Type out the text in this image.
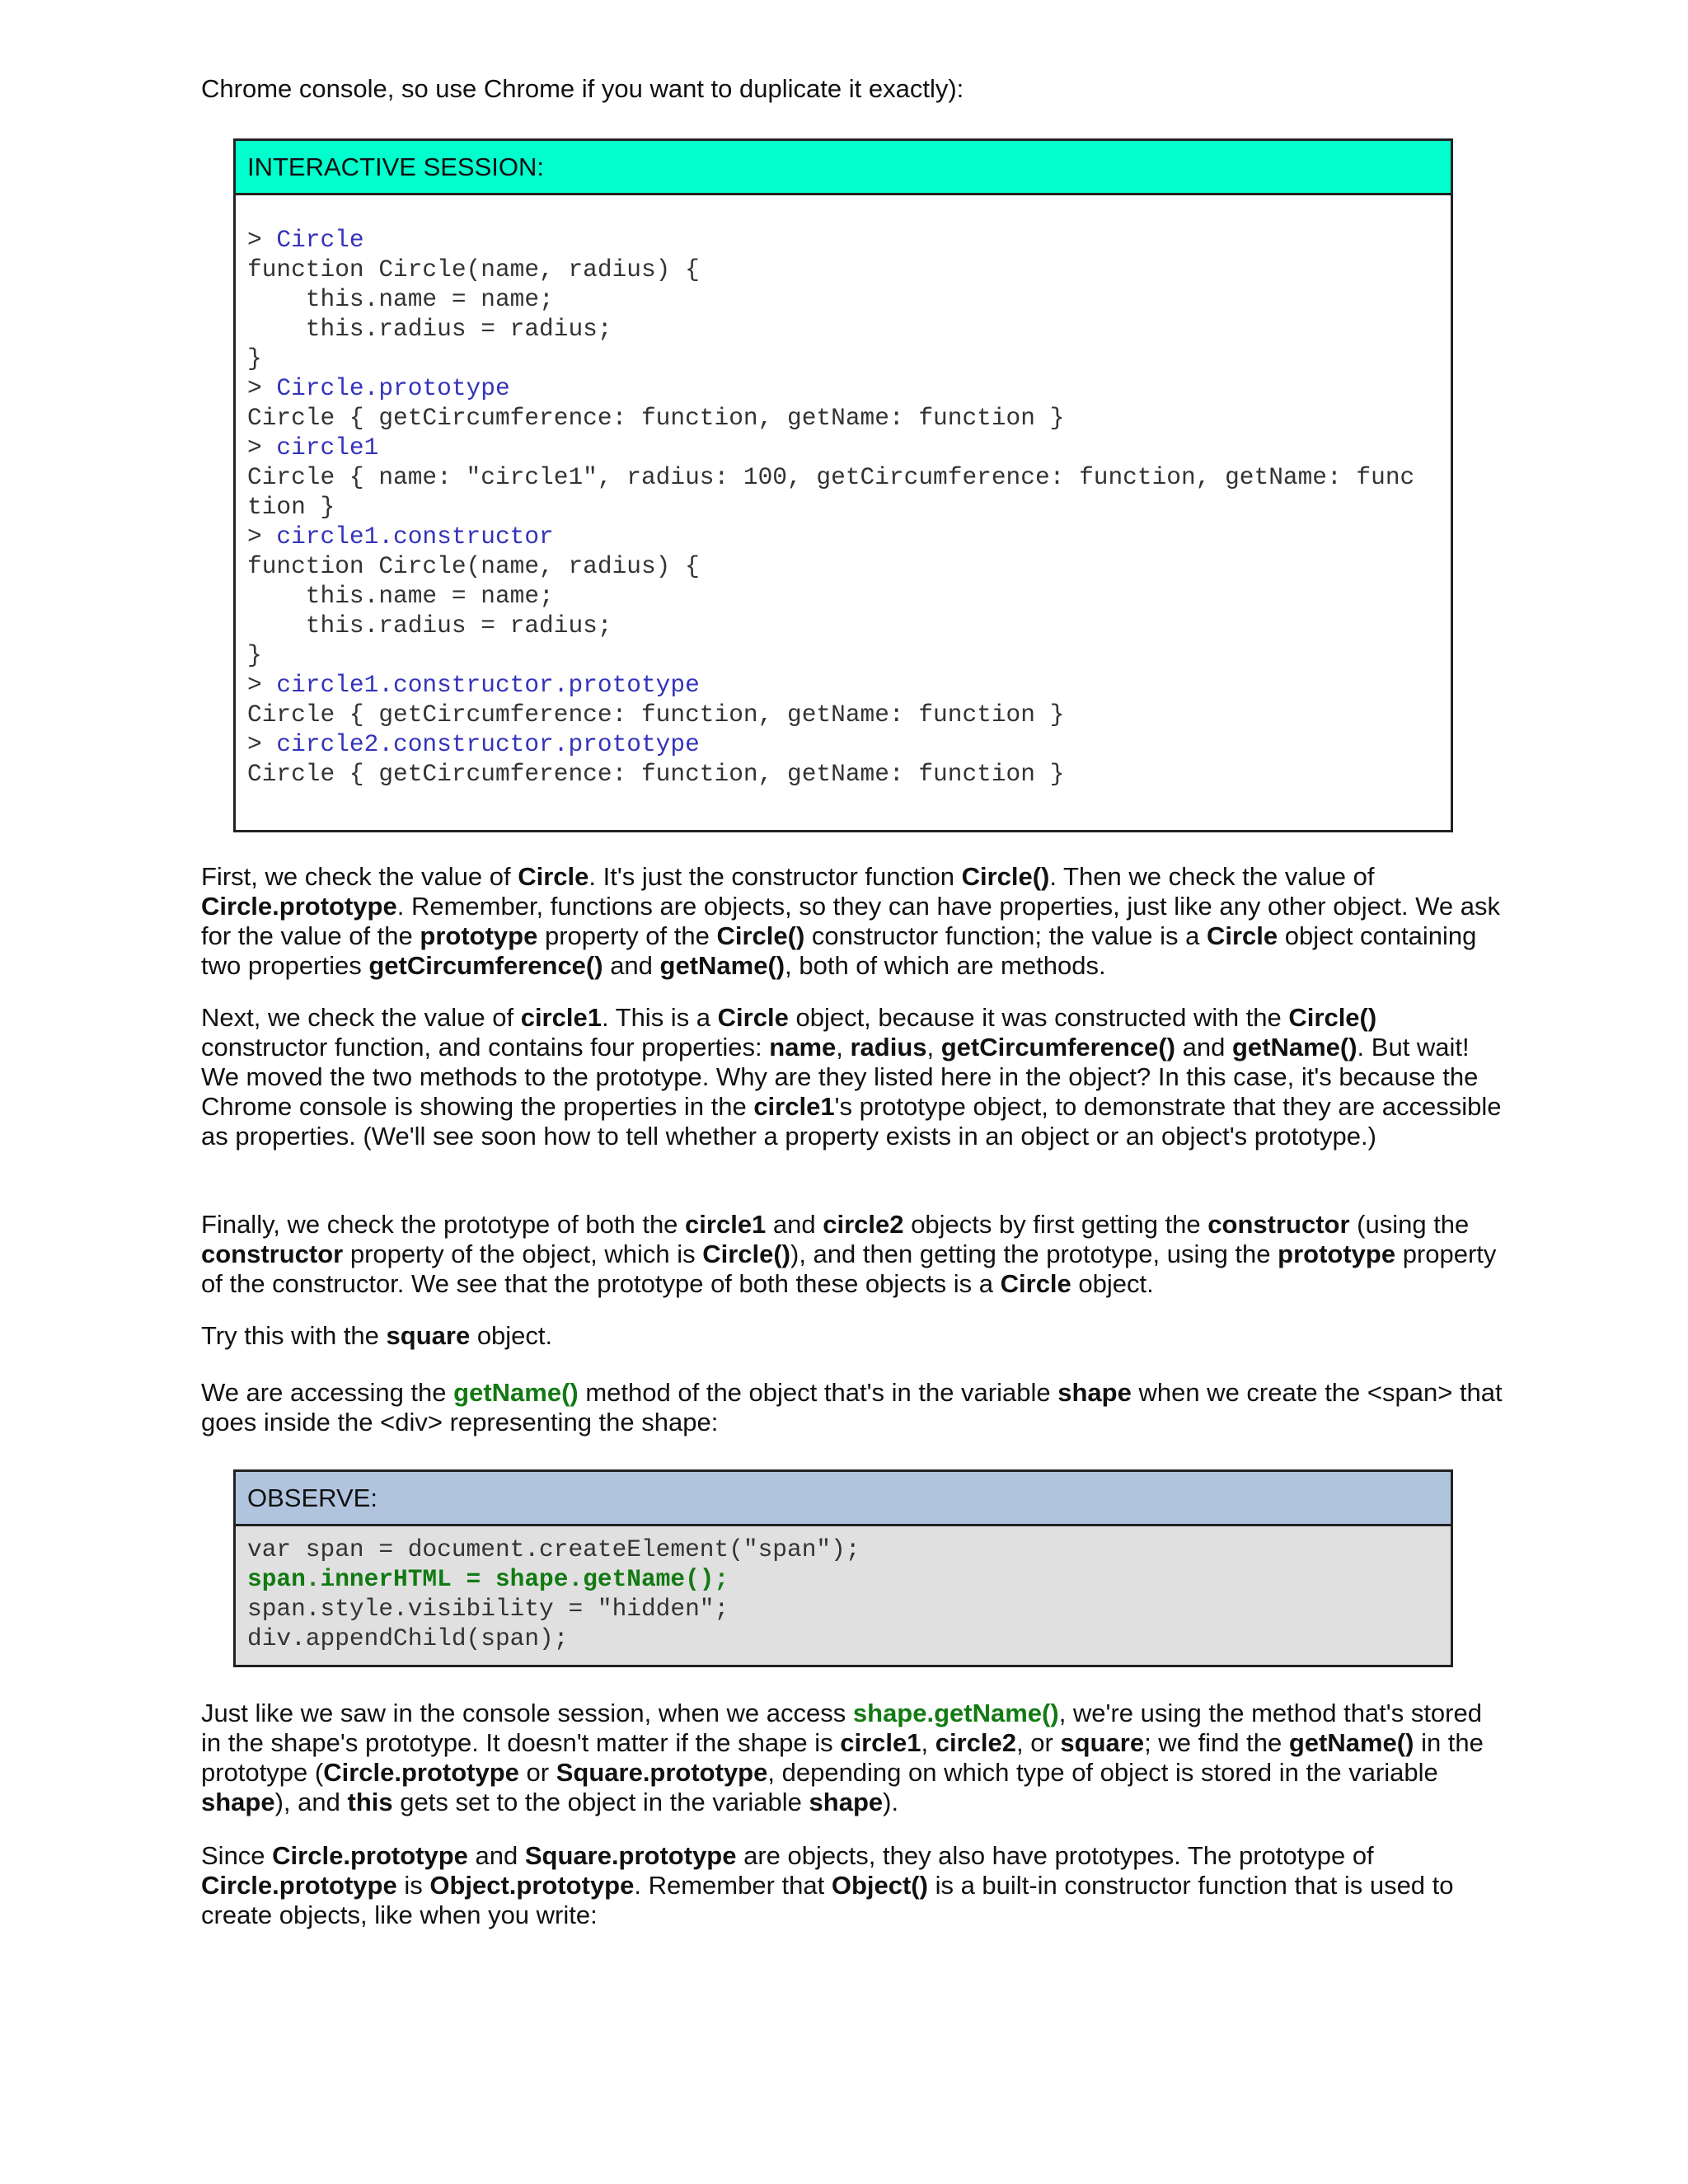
Chrome console, so use Chrome if you want to duplicate it exactly):

INTERACTIVE SESSION:
> Circle
function Circle(name, radius) {
this.name = name;
this.radius = radius;
}
> Circle.prototype
Circle { getCircumference: function, getName: function }
> circle1
Circle { name: "circle1", radius: 100, getCircumference: function, getName: func
tion }
> circle1.constructor
function Circle(name, radius) {
this.name = name;
this.radius = radius;
}
> circle1.constructor.prototype
Circle { getCircumference: function, getName: function }
> circle2.constructor.prototype
Circle { getCircumference: function, getName: function }

First, we check the value of Circle. It's just the constructor function Circle(). Then we check the value of Circle.prototype. Remember, functions are objects, so they can have properties, just like any other object. We ask for the value of the prototype property of the Circle() constructor function; the value is a Circle object containing two properties getCircumference() and getName(), both of which are methods.

Next, we check the value of circle1. This is a Circle object, because it was constructed with the Circle() constructor function, and contains four properties: name, radius, getCircumference() and getName(). But wait! We moved the two methods to the prototype. Why are they listed here in the object? In this case, it's because the Chrome console is showing the properties in the circle1's prototype object, to demonstrate that they are accessible as properties. (We'll see soon how to tell whether a property exists in an object or an object's prototype.)

Finally, we check the prototype of both the circle1 and circle2 objects by first getting the constructor (using the constructor property of the object, which is Circle()), and then getting the prototype, using the prototype property of the constructor. We see that the prototype of both these objects is a Circle object.

Try this with the square object.

We are accessing the getName() method of the object that's in the variable shape when we create the <span> that goes inside the <div> representing the shape:

OBSERVE:
var span = document.createElement("span");
span.innerHTML = shape.getName();
span.style.visibility = "hidden";
div.appendChild(span);

Just like we saw in the console session, when we access shape.getName(), we're using the method that's stored in the shape's prototype. It doesn't matter if the shape is circle1, circle2, or square; we find the getName() in the prototype (Circle.prototype or Square.prototype, depending on which type of object is stored in the variable shape), and this gets set to the object in the variable shape).

Since Circle.prototype and Square.prototype are objects, they also have prototypes. The prototype of Circle.prototype is Object.prototype. Remember that Object() is a built-in constructor function that is used to create objects, like when you write:
